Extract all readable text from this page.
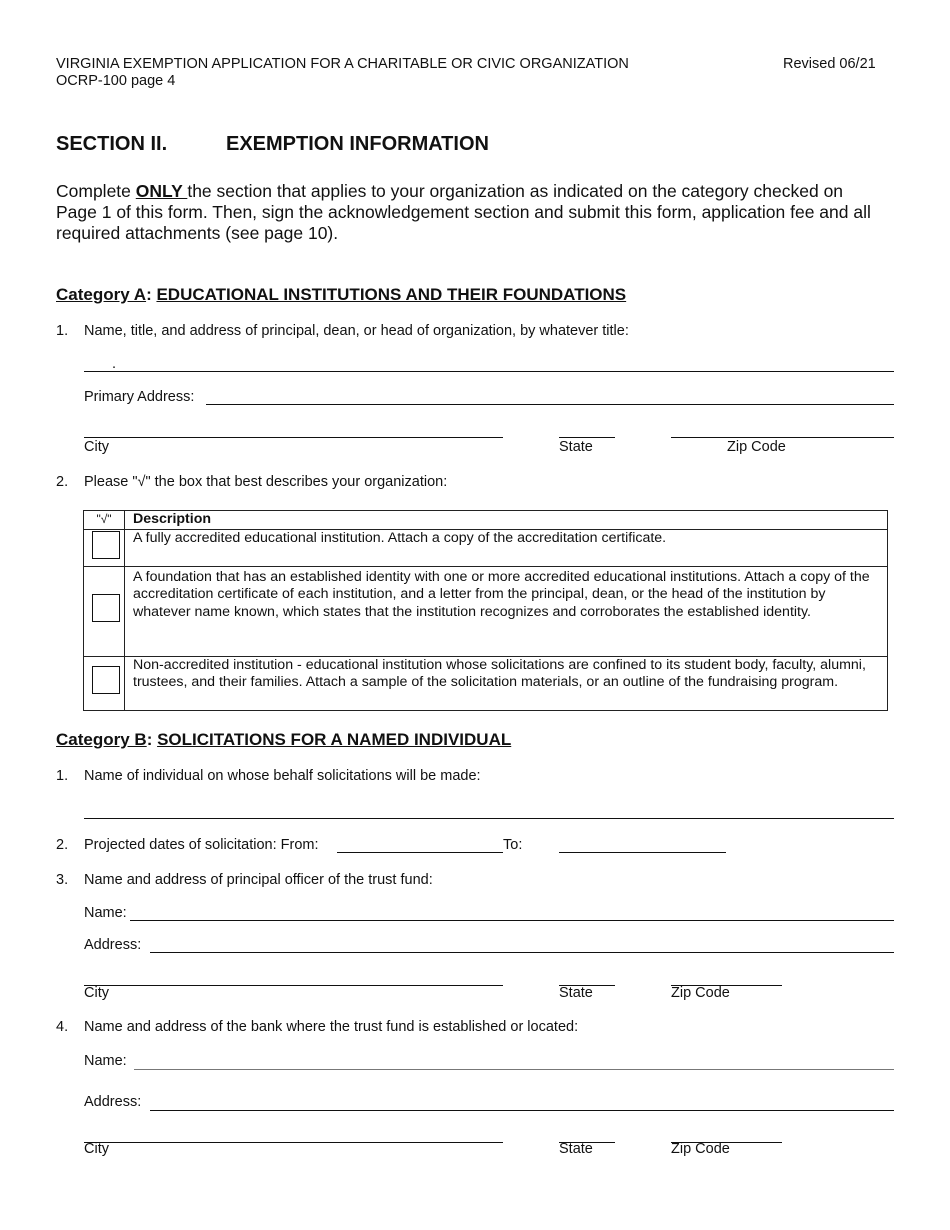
VIRGINIA EXEMPTION APPLICATION FOR A CHARITABLE OR CIVIC ORGANIZATION
OCRP-100 page 4
Revised 06/21
SECTION II.	EXEMPTION INFORMATION
Complete ONLY the section that applies to your organization as indicated on the category checked on Page 1 of this form. Then, sign the acknowledgement section and submit this form, application fee and all required attachments (see page 10).
Category A: EDUCATIONAL INSTITUTIONS AND THEIR FOUNDATIONS
1. Name, title, and address of principal, dean, or head of organization, by whatever title:
.
Primary Address:
City	State	Zip Code
2. Please "√" the box that best describes your organization:
"√"	Description
	A fully accredited educational institution. Attach a copy of the accreditation certificate.
	A foundation that has an established identity with one or more accredited educational institutions. Attach a copy of the accreditation certificate of each institution, and a letter from the principal, dean, or the head of the institution by whatever name known, which states that the institution recognizes and corroborates the established identity.
	Non-accredited institution - educational institution whose solicitations are confined to its student body, faculty, alumni, trustees, and their families. Attach a sample of the solicitation materials, or an outline of the fundraising program.
Category B: SOLICITATIONS FOR A NAMED INDIVIDUAL
1. Name of individual on whose behalf solicitations will be made:
2. Projected dates of solicitation: From:	To:
3. Name and address of principal officer of the trust fund:
Name:
Address:
City	State	Zip Code
4. Name and address of the bank where the trust fund is established or located:
Name:
Address:
City	State	Zip Code
